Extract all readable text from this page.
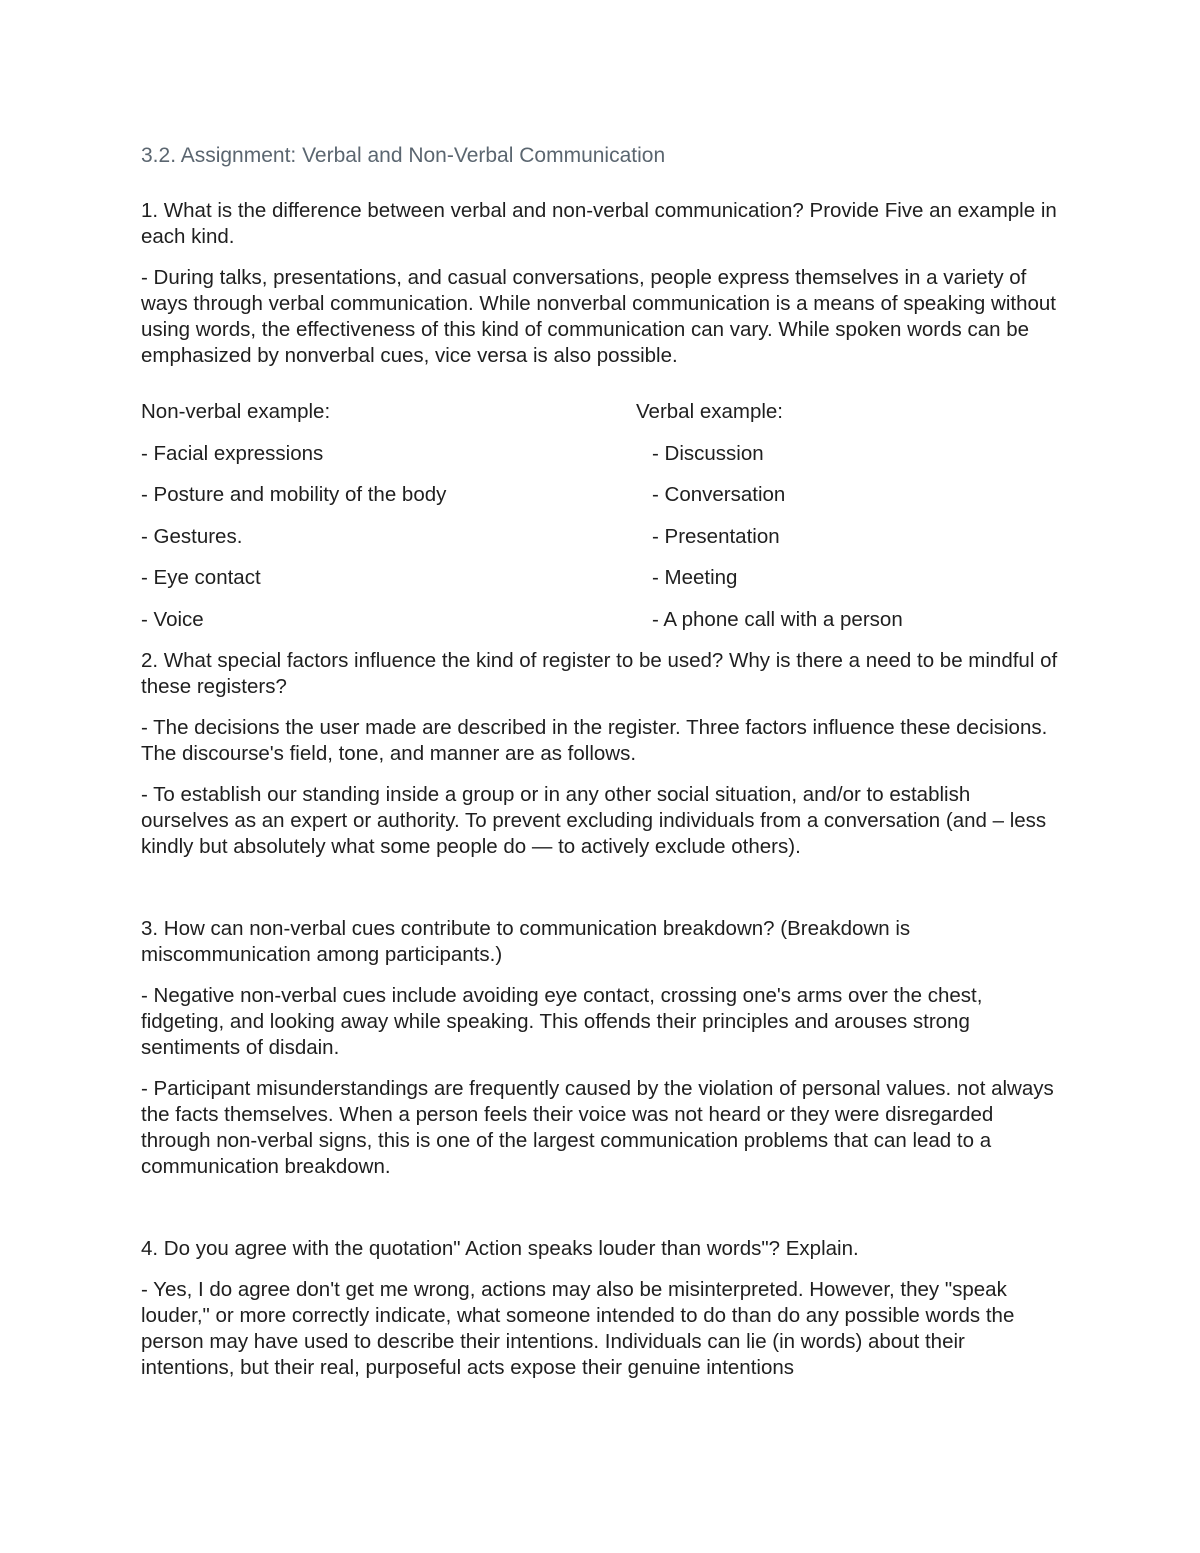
3.2. Assignment: Verbal and Non-Verbal Communication
1. What is the difference between verbal and non-verbal communication? Provide Five an example in each kind.
- During talks, presentations, and casual conversations, people express themselves in a variety of ways through verbal communication. While nonverbal communication is a means of speaking without using words, the effectiveness of this kind of communication can vary. While spoken words can be emphasized by nonverbal cues, vice versa is also possible.
Non-verbal example:
- Facial expressions
- Posture and mobility of the body
- Gestures.
- Eye contact
- Voice
Verbal example:
- Discussion
- Conversation
- Presentation
- Meeting
- A phone call with a person
2. What special factors influence the kind of register to be used? Why is there a need to be mindful of these registers?
- The decisions the user made are described in the register. Three factors influence these decisions. The discourse's field, tone, and manner are as follows.
- To establish our standing inside a group or in any other social situation, and/or to establish ourselves as an expert or authority. To prevent excluding individuals from a conversation (and – less kindly but absolutely what some people do — to actively exclude others).
3. How can non-verbal cues contribute to communication breakdown? (Breakdown is miscommunication among participants.)
- Negative non-verbal cues include avoiding eye contact, crossing one's arms over the chest, fidgeting, and looking away while speaking. This offends their principles and arouses strong sentiments of disdain.
- Participant misunderstandings are frequently caused by the violation of personal values. not always the facts themselves. When a person feels their voice was not heard or they were disregarded through non-verbal signs, this is one of the largest communication problems that can lead to a communication breakdown.
4. Do you agree with the quotation" Action speaks louder than words"? Explain.
- Yes, I do agree don't get me wrong, actions may also be misinterpreted. However, they "speak louder," or more correctly indicate, what someone intended to do than do any possible words the person may have used to describe their intentions. Individuals can lie (in words) about their intentions, but their real, purposeful acts expose their genuine intentions
